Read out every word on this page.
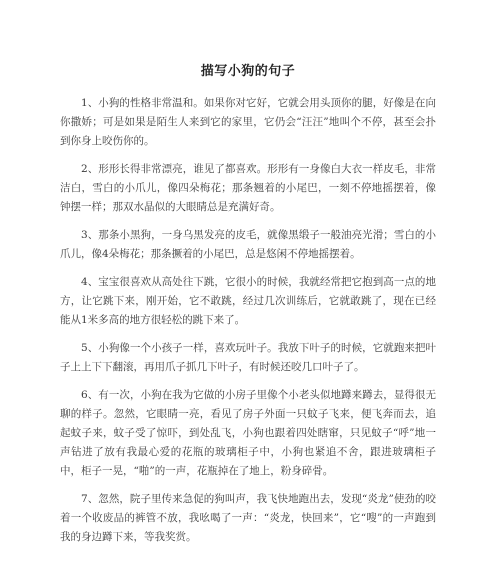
描写小狗的句子

1、小狗的性格非常温和。如果你对它好，它就会用头顶你的腿，好像是在向你撒娇；可是如果是陌生人来到它的家里，它仍会“汪汪”地叫个不停，甚至会扑到你身上咬伤你的。

2、形形长得非常漂亮，谁见了都喜欢。形形有一身像白大衣一样皮毛，非常洁白，雪白的小爪儿，像四朵梅花；那条翘着的小尾巴，一刻不停地摇摆着，像钟摆一样；那双水晶似的大眼睛总是充满好奇。

3、那条小黑狗，一身乌黑发亮的皮毛，就像黑缎子一般油亮光滑；雪白的小爪儿，像4朵梅花；那条撅着的小尾巴，总是悠闲不停地摇摆着。

4、宝宝很喜欢从高处往下跳，它很小的时候，我就经常把它抱到高一点的地方，让它跳下来，刚开始，它不敢跳，经过几次训练后，它就敢跳了，现在已经能从1米多高的地方很轻松的跳下来了。

5、小狗像一个小孩子一样，喜欢玩叶子。我放下叶子的时候，它就跑来把叶子上上下下翻滚，再用爪子抓几下叶子，有时候还咬几口叶子了。

6、有一次，小狗在我为它做的小房子里像个小老头似地蹲来蹲去，显得很无聊的样子。忽然，它眼睛一亮，看见了房子外面一只蚊子飞来，便飞奔而去，追起蚊子来，蚊子受了惊吓，到处乱飞，小狗也跟着四处瞎窜，只见蚊子“呼”地一声钻进了放有我最心爱的花瓶的玻璃柜子中，小狗也紧追不舍，跟进玻璃柜子中，柜子一晃，“啪”的一声，花瓶掉在了地上，粉身碎骨。

7、忽然，院子里传来急促的狗叫声，我飞快地跑出去，发现“炎龙”使劲的咬着一个收废品的裤管不放，我吆喝了一声：“炎龙，快回来”，它“嗖”的一声跑到我的身边蹲下来，等我奖赏。
